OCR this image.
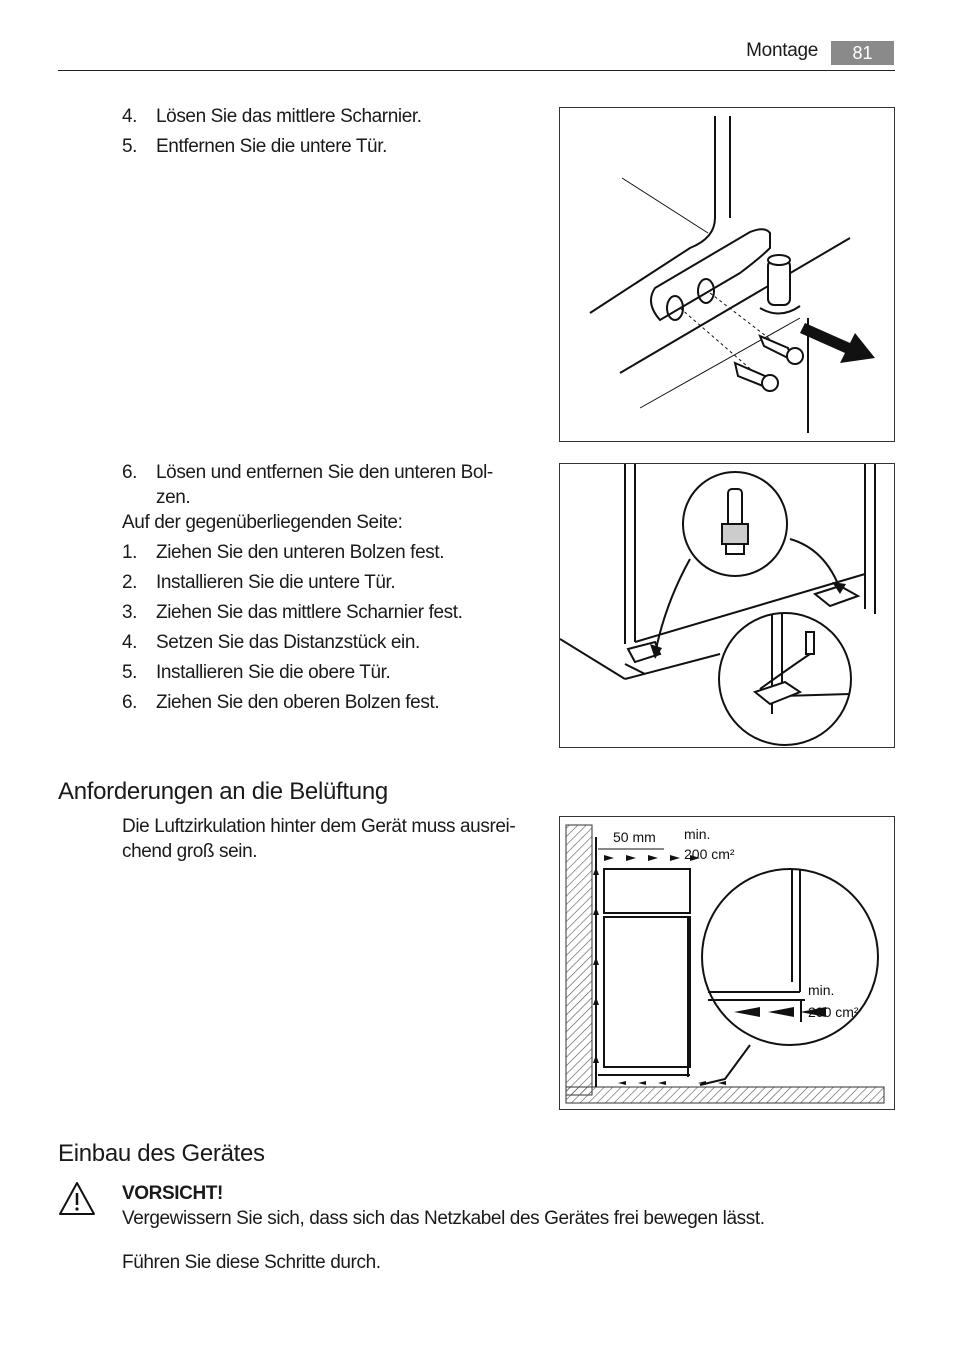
Montage	81
4. Lösen Sie das mittlere Scharnier.
5. Entfernen Sie die untere Tür.
6. Lösen und entfernen Sie den unteren Bol-zen.
Auf der gegenüberliegenden Seite:
1. Ziehen Sie den unteren Bolzen fest.
2. Installieren Sie die untere Tür.
3. Ziehen Sie das mittlere Scharnier fest.
4. Setzen Sie das Distanzstück ein.
5. Installieren Sie die obere Tür.
6. Ziehen Sie den oberen Bolzen fest.
Anforderungen an die Belüftung
Die Luftzirkulation hinter dem Gerät muss ausrei-chend groß sein.
50 mm min.
200 cm²
min.
200 cm²
Einbau des Gerätes
VORSICHT!
Vergewissern Sie sich, dass sich das Netzkabel des Gerätes frei bewegen lässt.
Führen Sie diese Schritte durch.
